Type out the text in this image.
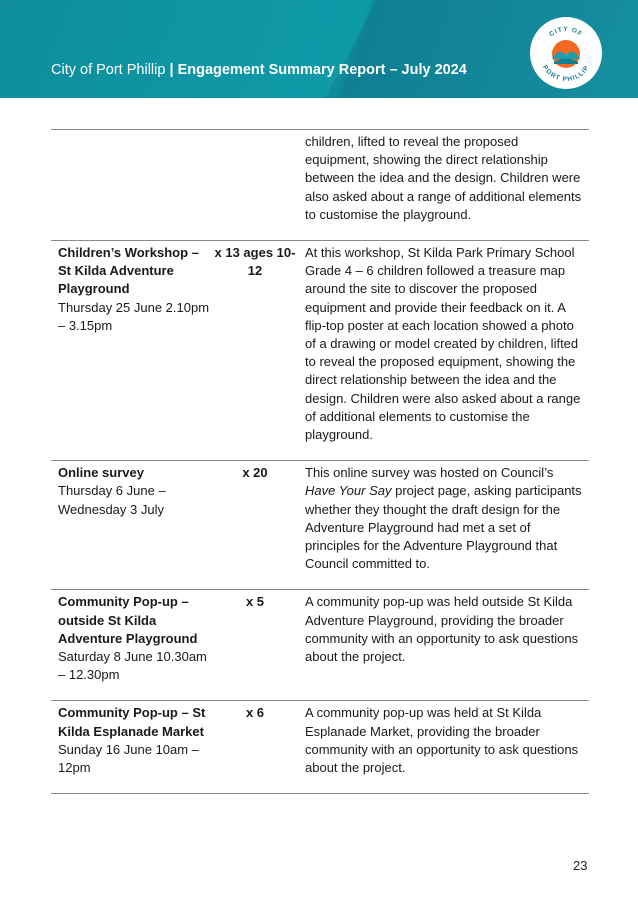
City of Port Phillip | Engagement Summary Report – July 2024
CITY OF
PORT PHILLIP
		children, lifted to reveal the proposed equipment, showing the direct relationship between the idea and the design. Children were also asked about a range of additional elements to customise the playground.

Children’s Workshop – St Kilda Adventure Playground
Thursday 25 June 2.10pm – 3.15pm	x 13 ages 10-12	At this workshop, St Kilda Park Primary School Grade 4 – 6 children followed a treasure map around the site to discover the proposed equipment and provide their feedback on it. A flip-top poster at each location showed a photo of a drawing or model created by children, lifted to reveal the proposed equipment, showing the direct relationship between the idea and the design. Children were also asked about a range of additional elements to customise the playground.

Online survey
Thursday 6 June – Wednesday 3 July	x 20	This online survey was hosted on Council’s Have Your Say project page, asking participants whether they thought the draft design for the Adventure Playground had met a set of principles for the Adventure Playground that Council committed to.

Community Pop-up – outside St Kilda Adventure Playground
Saturday 8 June 10.30am – 12.30pm	x 5	A community pop-up was held outside St Kilda Adventure Playground, providing the broader community with an opportunity to ask questions about the project.

Community Pop-up – St Kilda Esplanade Market
Sunday 16 June 10am – 12pm	x 6	A community pop-up was held at St Kilda Esplanade Market, providing the broader community with an opportunity to ask questions about the project.
23
